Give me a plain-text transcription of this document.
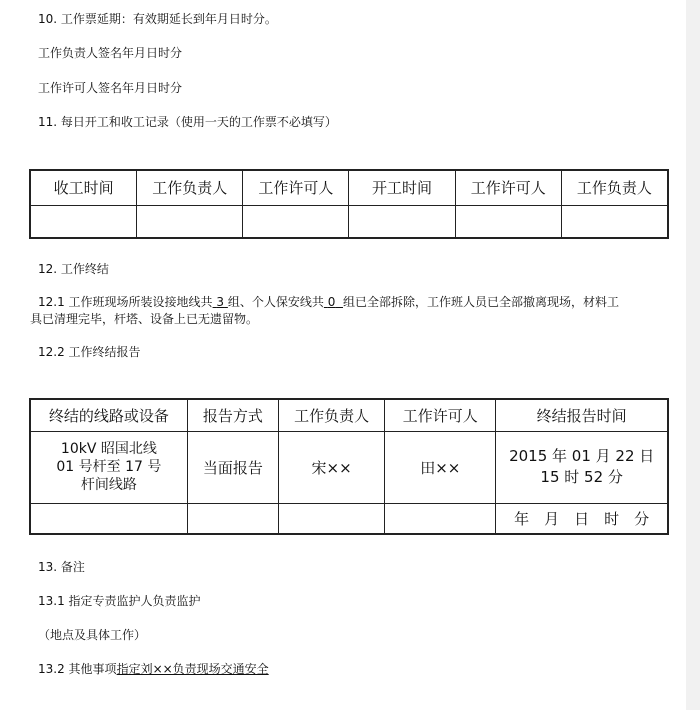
10. 工作票延期：有效期延长到年月日时分。
工作负责人签名年月日时分
工作许可人签名年月日时分
11. 每日开工和收工记录（使用一天的工作票不必填写）
收工时间	工作负责人	工作许可人	开工时间	工作许可人	工作负责人

12. 工作终结
12.1 工作班现场所装设接地线共 3 组、个人保安线共 0 组已全部拆除，工作班人员已全部撤离现场，材料工
具已清理完毕，杆塔、设备上已无遗留物。
12.2 工作终结报告
终结的线路或设备	报告方式	工作负责人	工作许可人	终结报告时间
10kV 昭国北线
01 号杆至 17 号
杆间线路	当面报告	宋××	田××	2015 年 01 月 22 日
15 时 52 分
				年　月　日　时　分
13. 备注
13.1 指定专责监护人负责监护
（地点及具体工作）
13.2 其他事项指定刘××负责现场交通安全
